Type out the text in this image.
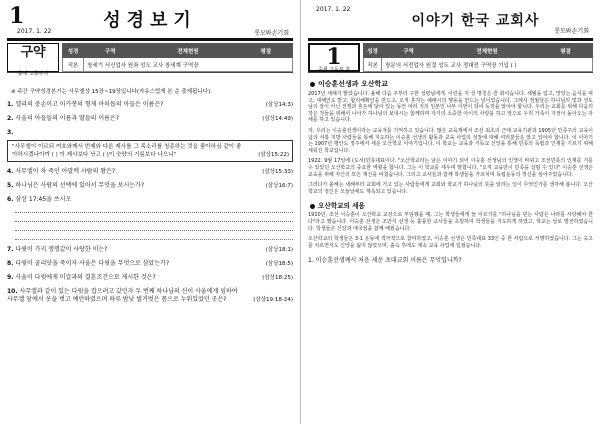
1	성경보기
2017. 1. 22	룻모봐손기회
구약
중세 고등부자
성경	구역	전체현원	평점
직본	창세기 서신업사 원좌 성도 교사 창세계 구역장		
※ 주간 구약성경본기는 사무엘상 15장~19장입니다(자유스럽게 본 순 출제됩니다).
1. 엘리의 중손이고 이카봇의 형제 아히돕의 아들은 이름은?	(삼상14:3)
2. 사울의 아들들의 이름과 딸들의 이름은?	(삼상14:49)
3.
"사무엘이 이르되 여호와께서 번제와 다른 제사를 그 목소리를 청종하는 것을 좋아하심 같이 좋아하시겠나이까 ( ) 이 제사보다 낫고 ( )이 숫양의 기름보다 나으니"	(삼상15:22)
4. 사무엘이 차 죽인 아말렉 사람의 왕은?	(삼상15:33)
5. 하나님은 사람의 선택에 있어서 무엇을 보시는가?	(삼상16:7)
6. 삼상 17:45을 쓰시오
7. 다윗이 가지 생명같이 사랑한 이는?	(삼상18:1)
8. 다윗이 골리앗을 죽이자 사울은 다윗을 무엇으로 삼았는가?	(삼상18:5)
9. 사울이 다윗에게 미갈과의 결혼조건으로 제시한 것은?	(삼상18:25)
10. 사무엘과 같이 있는 다윗을 잡으려고 갔던자 두 번째 하나님의 신이 사울에게 임하여 사무엘 앞에서 옷을 벗고 예언하였으며 하루 밤낮 벌거벗은 몸으로 누워있었던 곳은?	(삼상19:18-24)
2017. 1. 22
이야기 한국 교회사
룻모봐손기회
1
중세 고등부 자
성경	구역	전체현원	평점
직본	창문의 서전업사 원결 성도 교사 정대전 구역장 기입 ( )		
이승훈선생과 오산학교

2017년 새해가 밝았습니다. 올해 다음 주부터 구한 성령님에게. 이런을 지 성 명칭은 즐 화셔습니다. 세월을 입고, 맛있는 음식을 먹고, 새해인도 받고, 합리해확인을 만드고, 오직 혼자는 예배시의 행동을 만드는 날이었습니다. 그래서 정월달은 하나님의 빛과 성도님의 감이 아닌 전쟁과 혼돈에 닿아 있는 동안 여러 지의 일본인 나부 이번이 되어 등장을 알아야 합니다. 우리는 교회를 위해 다음의 작은 것들을 위해서 나아가 하나님의 보내시는 함께하며 자기의 소중한 아이의 사랑을 하고 앞으로 우리 가족이 가정이 돌아오는 자세를 하고 있습니다.

자, 우리는 이승훈선생이라는 교육자를 기억하고 있습니다. 많은 교육계에서 조선 최초의 근대 교육기관과 1905년 민족주의 교육이념의 서북 지방 사람들을 통해 지도하는 이승훈 선생의 활동과 교육 사업의 성장에 대해 여러분들은 알고 있어야 합니다. 이 이야기는 1907년 평안도 정주에서 세운 오산학교 이야기입니다. 이 학교는 교육과 기독교 신앙을 통해 민족의 독립과 인재를 기르기 위해 세워진 학교입니다.

1922. 9월 17일에 (도서)민족대표이다. "오산학교라는 남은 이야기 되어 이승훈 선생님의 인생이 바뀌고 조선민족의 인재를 기를 수 있었던 오산학교의 중요한 역할을 합니다. 그는 이 학교를 세우며 말합니다. "오직 교육만이 민족을 살릴 수 있다" 이승훈 선생은 교육을 위해 자신의 모든 재산을 바쳤습니다. 그리고 교사들과 함께 학생들을 가르치며 독립운동의 정신을 심어주었습니다.

그러다가 올해는 새해부터 교회에 가고 있는 사람들에게 교회와 학교가 하나님의 뜻을 알리는 일이 무엇인가를 생각해 봅니다. 오산학교의 정신은 오늘날에도 계속되고 있습니다.

오산학교의 세움

1910년, 조선 이승훈이 오산학교 교장으로 부임했을 때, 그는 학생들에게 늘 이르기를 "하나님을 믿는 사람은 나라를 사랑해야 한다"라고 했습니다. 이승훈 선생은 조만식 선생 등 훌륭한 교사들을 초빙하여 학생들을 지도하게 하였고, 학교는 날로 발전하였습니다. 학생들은 신앙과 애국심을 함께 배웠습니다.

오산학교의 학생들은 3·1 운동에 적극적으로 참여하였고, 이승훈 선생은 민족대표 33인 중 한 사람으로 서명하였습니다. 그는 옥고를 치르면서도 신앙을 잃지 않았으며, 출옥 후에도 계속 교육 사업에 힘썼습니다.

1. 이승훈선생께서 처음 세운 초대교회 이름은 무엇입니까?
